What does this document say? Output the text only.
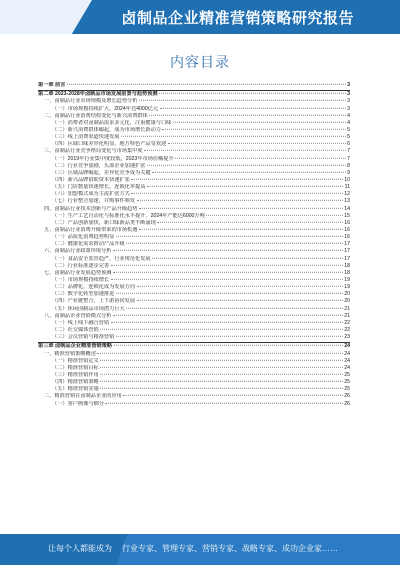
卤制品企业精准营销策略研究报告
内容目录
第一章 前言	3
第二章 2023-2028年卤制品市场发展前景与趋势预测	3
一、卤制品行业市场规模及增长趋势分析	3
（一）市场规模持续扩大，2024年达4000亿元	3
二、卤制品行业消费结构变化与新兴消费群体	4
（一）消费者对卤制品需求多元化，注重健康与口味	4
（二）新兴消费群体崛起，成为市场增长新动力	5
（三）线上消费渠道快速发展	5
（四）区域口味差异化明显，地方特色产品受欢迎	6
三、卤制品行业竞争格局变化与市场集中度	7
（一）2019年行业集中度较低，2023年市场份额提升	7
（二）行业竞争加剧，头部企业加速扩张	8
（三）区域品牌崛起，差异化竞争成为关键	9
（四）新兴品牌借助资本快速扩张	10
（五）门店数量快速增长，连锁化率提高	11
（六）加盟模式成为主流扩张方式	12
（七）行业整合加速，并购事件频发	13
四、卤制品行业技术创新与产品升级趋势	14
（一）生产工艺自动化与标准化水平提升，2024年产能达6000万吨	15
（二）产品创新加快，新口味新品类不断涌现	16
五、卤制品行业消费升级带来的市场机遇	16
（一）品质化消费趋势明显	16
（二）健康化需求推动产品升级	17
六、卤制品行业政策环境分析	17
（一）食品安全监管趋严，行业规范化发展	17
（二）行业标准逐步完善	18
七、卤制品行业发展趋势预测	18
（一）市场规模持续增长	19
（二）品牌化、连锁化成为发展方向	19
（三）数字化转型加速推进	20
（四）产业链整合，上下游协同发展	20
（五）休闲卤制品市场潜力巨大	21
八、卤制品企业营销模式分析	21
（一）线上线下融合营销	22
（二）社交媒体营销	22
（三）会员营销与精准营销	23
第三章 卤制品企业精准营销策略	24
一、精准营销策略概述	24
（一）精准营销定义	24
（二）精准营销目标	24
（三）精准营销作用	25
（四）精准营销策略	25
（五）精准营销实施	25
二、精准营销在卤制品企业的应用	26
（一）客户画像与细分	26
让每个人都能成为 行业专家、管理专家、营销专家、战略专家、成功企业家……
